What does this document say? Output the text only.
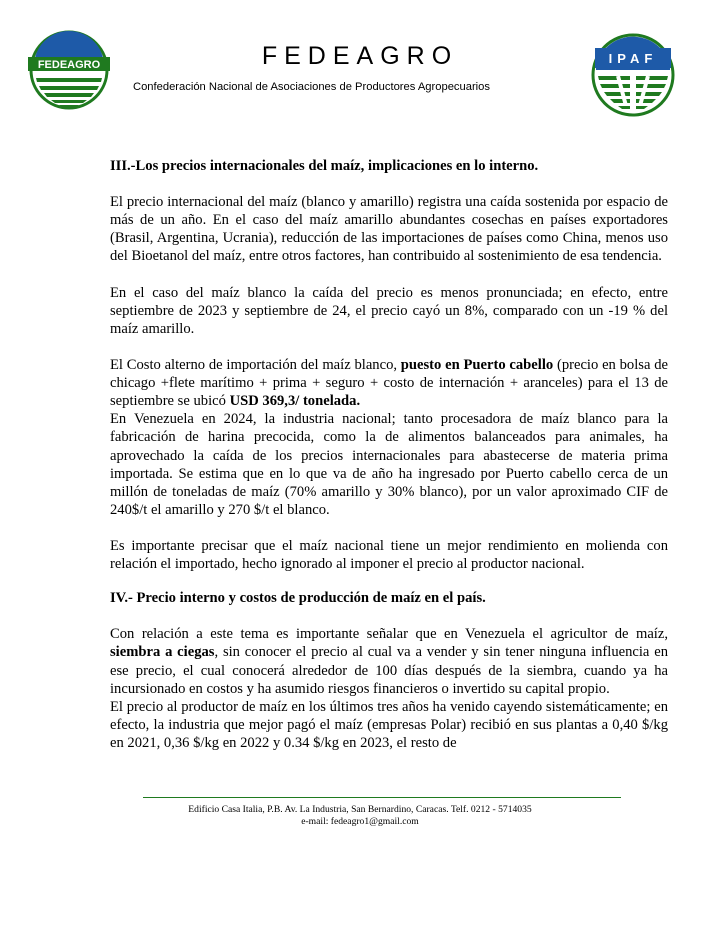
FEDEAGRO	FEDEAGRO
Confederación Nacional de Asociaciones de Productores Agropecuarios
IPAF
III.-Los precios internacionales del maíz, implicaciones en lo interno.

El precio internacional del maíz (blanco y amarillo) registra una caída sostenida por espacio de más de un año. En el caso del maíz amarillo abundantes cosechas en países exportadores (Brasil, Argentina, Ucrania), reducción de las importaciones de países como China, menos uso del Bioetanol del maíz, entre otros factores, han contribuido al sostenimiento de esa tendencia.

En el caso del maíz blanco la caída del precio es menos pronunciada; en efecto, entre septiembre de 2023 y septiembre de 24, el precio cayó un 8%, comparado con un -19 % del maíz amarillo.

El Costo alterno de importación del maíz blanco, puesto en Puerto cabello (precio en bolsa de chicago +flete marítimo + prima + seguro + costo de internación + aranceles) para el 13 de septiembre se ubicó USD 369,3/ tonelada.

En Venezuela en 2024, la industria nacional; tanto procesadora de maíz blanco para la fabricación de harina precocida, como la de alimentos balanceados para animales, ha aprovechado la caída de los precios internacionales para abastecerse de materia prima importada. Se estima que en lo que va de año ha ingresado por Puerto cabello cerca de un millón de toneladas de maíz (70% amarillo y 30% blanco), por un valor aproximado CIF de 240$/t el amarillo y 270 $/t el blanco.

Es importante precisar que el maíz nacional tiene un mejor rendimiento en molienda con relación el importado, hecho ignorado al imponer el precio al productor nacional.

IV.- Precio interno y costos de producción de maíz en el país.

Con relación a este tema es importante señalar que en Venezuela el agricultor de maíz, siembra a ciegas, sin conocer el precio al cual va a vender y sin tener ninguna influencia en ese precio, el cual conocerá alrededor de 100 días después de la siembra, cuando ya ha incursionado en costos y ha asumido riesgos financieros o invertido su capital propio.

El precio al productor de maíz en los últimos tres años ha venido cayendo sistemáticamente; en efecto, la industria que mejor pagó el maíz (empresas Polar) recibió en sus plantas a 0,40 $/kg en 2021, 0,36 $/kg en 2022 y 0.34 $/kg en 2023, el resto de

Edificio Casa Italia, P.B. Av. La Industria, San Bernardino, Caracas. Telf. 0212 - 5714035
e-mail: fedeagro1@gmail.com
